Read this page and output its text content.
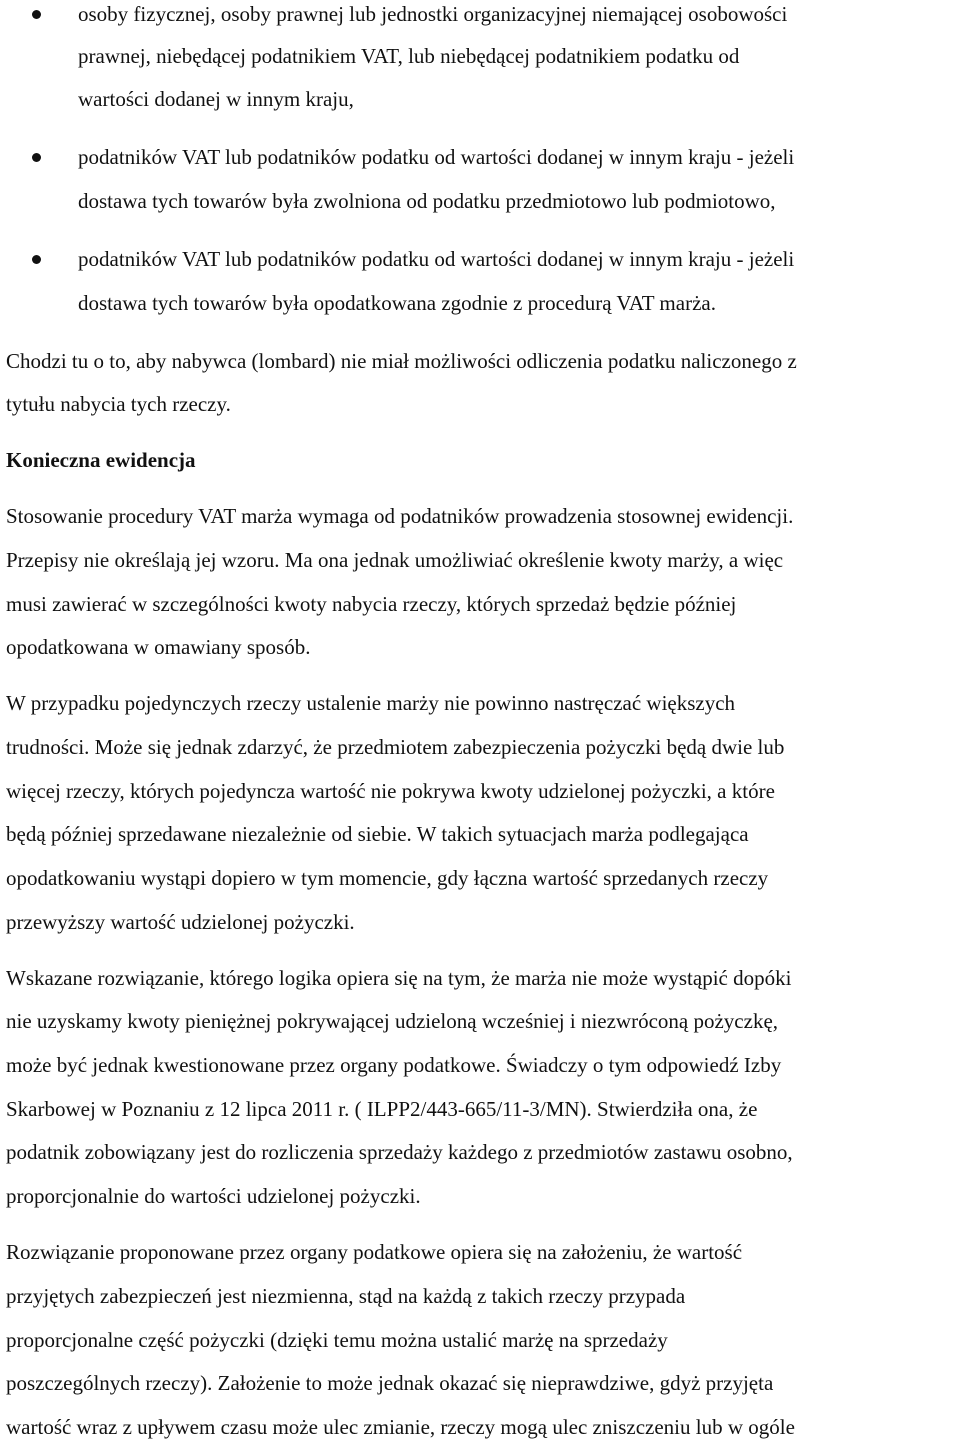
osoby fizycznej, osoby prawnej lub jednostki organizacyjnej niemającej osobowości
prawnej, niebędącej podatnikiem VAT, lub niebędącej podatnikiem podatku od
wartości dodanej w innym kraju,
podatników VAT lub podatników podatku od wartości dodanej w innym kraju - jeżeli
dostawa tych towarów była zwolniona od podatku przedmiotowo lub podmiotowo,
podatników VAT lub podatników podatku od wartości dodanej w innym kraju - jeżeli
dostawa tych towarów była opodatkowana zgodnie z procedurą VAT marża.
Chodzi tu o to, aby nabywca (lombard) nie miał możliwości odliczenia podatku naliczonego z
tytułu nabycia tych rzeczy.
Konieczna ewidencja
Stosowanie procedury VAT marża wymaga od podatników prowadzenia stosownej ewidencji.
Przepisy nie określają jej wzoru. Ma ona jednak umożliwiać określenie kwoty marży, a więc
musi zawierać w szczególności kwoty nabycia rzeczy, których sprzedaż będzie później
opodatkowana w omawiany sposób.
W przypadku pojedynczych rzeczy ustalenie marży nie powinno nastręczać większych
trudności. Może się jednak zdarzyć, że przedmiotem zabezpieczenia pożyczki będą dwie lub
więcej rzeczy, których pojedyncza wartość nie pokrywa kwoty udzielonej pożyczki, a które
będą później sprzedawane niezależnie od siebie. W takich sytuacjach marża podlegająca
opodatkowaniu wystąpi dopiero w tym momencie, gdy łączna wartość sprzedanych rzeczy
przewyższy wartość udzielonej pożyczki.
Wskazane rozwiązanie, którego logika opiera się na tym, że marża nie może wystąpić dopóki
nie uzyskamy kwoty pieniężnej pokrywającej udzieloną wcześniej i niezwróconą pożyczkę,
może być jednak kwestionowane przez organy podatkowe. Świadczy o tym odpowiedź Izby
Skarbowej w Poznaniu z 12 lipca 2011 r. ( ILPP2/443-665/11-3/MN). Stwierdziła ona, że
podatnik zobowiązany jest do rozliczenia sprzedaży każdego z przedmiotów zastawu osobno,
proporcjonalnie do wartości udzielonej pożyczki.
Rozwiązanie proponowane przez organy podatkowe opiera się na założeniu, że wartość
przyjętych zabezpieczeń jest niezmienna, stąd na każdą z takich rzeczy przypada
proporcjonalne część pożyczki (dzięki temu można ustalić marżę na sprzedaży
poszczególnych rzeczy). Założenie to może jednak okazać się nieprawdziwe, gdyż przyjęta
wartość wraz z upływem czasu może ulec zmianie, rzeczy mogą ulec zniszczeniu lub w ogóle
